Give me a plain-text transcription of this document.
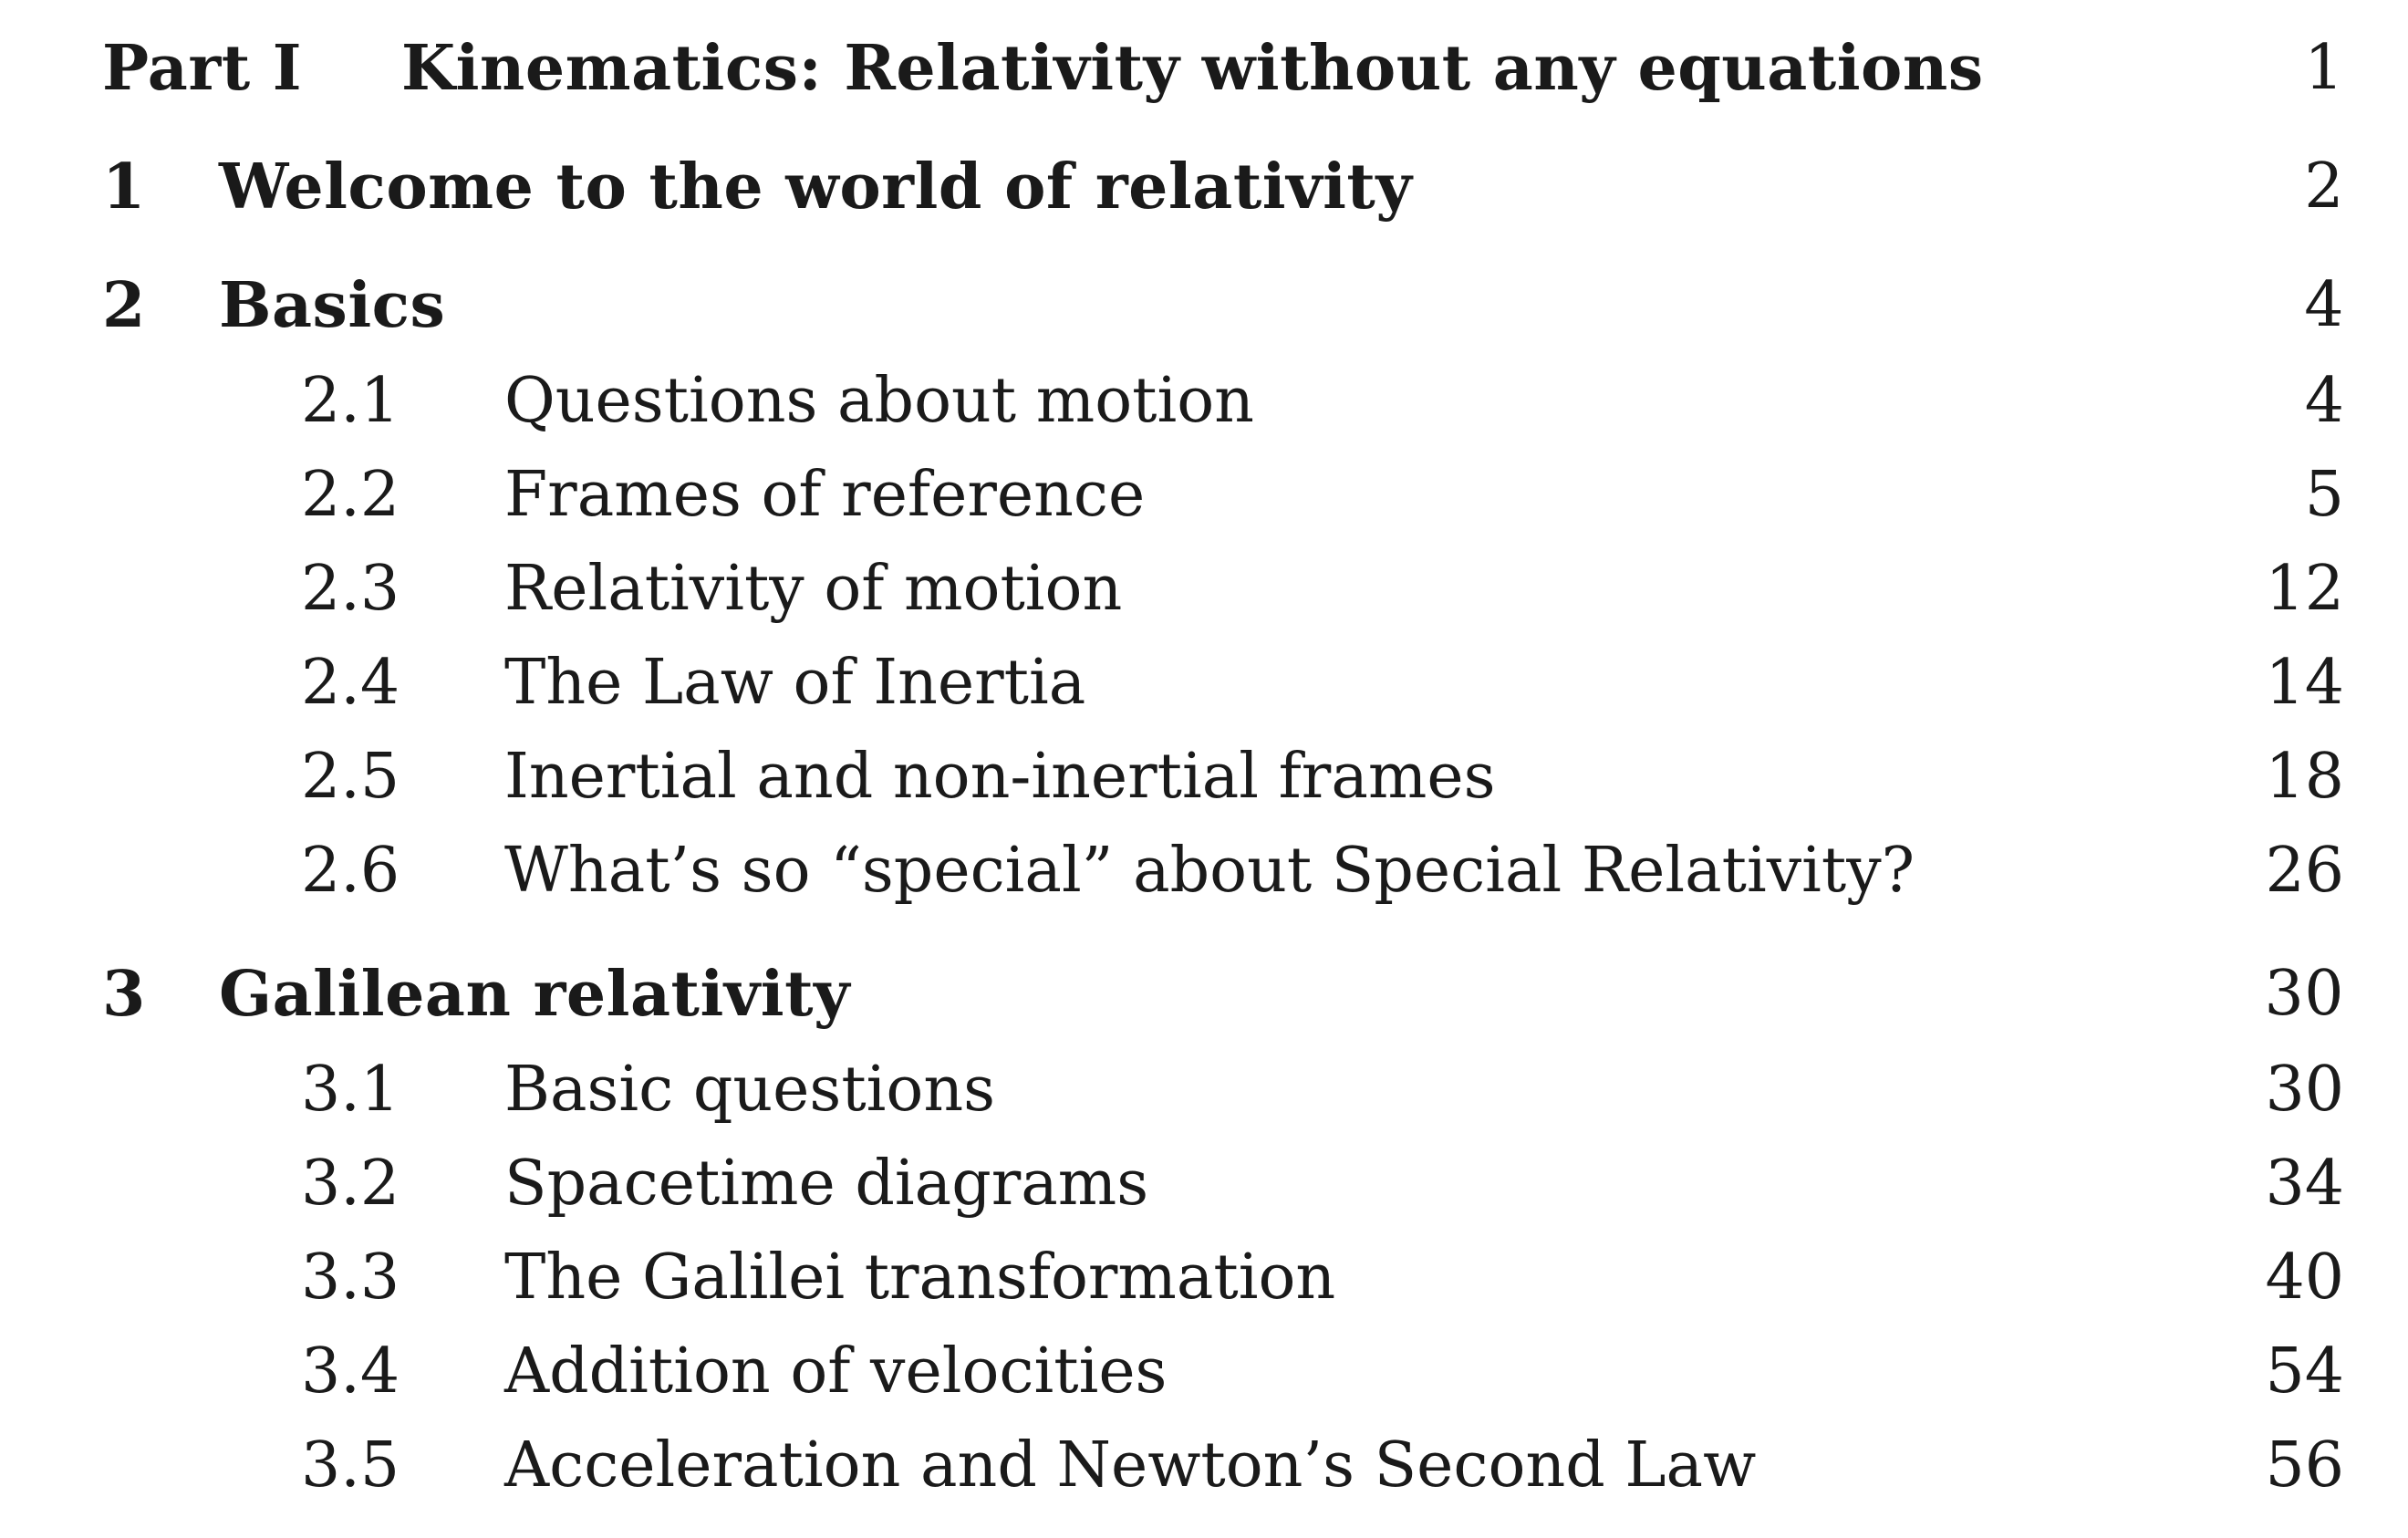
Part I Kinematics: Relativity without any equations	1
1 Welcome to the world of relativity	2
2 Basics	4
2.1 Questions about motion	4
2.2 Frames of reference	5
2.3 Relativity of motion	12
2.4 The Law of Inertia	14
2.5 Inertial and non-inertial frames	18
2.6 What’s so “special” about Special Relativity?	26
3 Galilean relativity	30
3.1 Basic questions	30
3.2 Spacetime diagrams	34
3.3 The Galilei transformation	40
3.4 Addition of velocities	54
3.5 Acceleration and Newton’s Second Law	56
